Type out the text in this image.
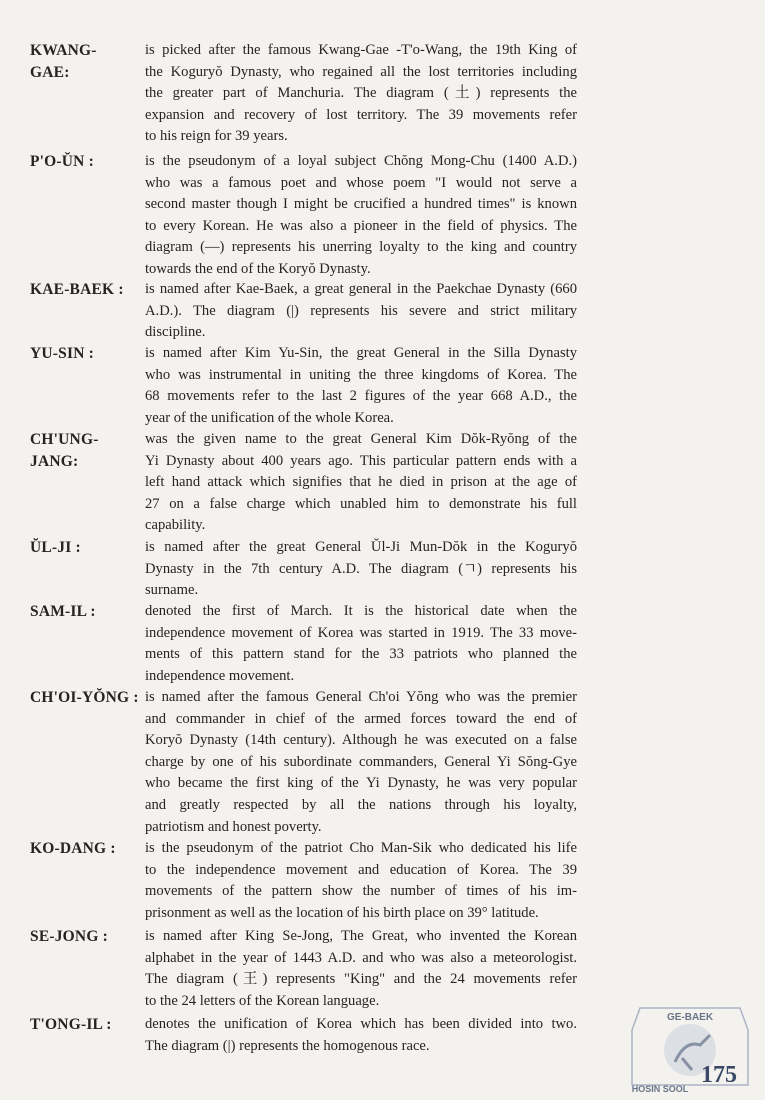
KWANG-
GAE:
is picked after the famous Kwang-Gae -T'o-Wang, the 19th King of
the Koguryŏ Dynasty, who regained all the lost territories including
the greater part of Manchuria. The diagram (土) represents the
expansion and recovery of lost territory. The 39 movements refer
to his reign for 39 years.
P'O-ŬN :	is the pseudonym of a loyal subject Chŏng Mong-Chu (1400 A.D.)
who was a famous poet and whose poem "I would not serve a
second master though I might be crucified a hundred times" is known
to every Korean. He was also a pioneer in the field of physics. The
diagram (—) represents his unerring loyalty to the king and country
towards the end of the Koryŏ Dynasty.
KAE-BAEK : is named after Kae-Baek, a great general in the Paekchae Dynasty (660
A.D.). The diagram (|) represents his severe and strict military
discipline.
YU-SIN :	is named after Kim Yu-Sin, the great General in the Silla Dynasty
who was instrumental in uniting the three kingdoms of Korea. The
68 movements refer to the last 2 figures of the year 668 A.D., the
year of the unification of the whole Korea.
CH'UNG-
JANG:
was the given name to the great General Kim Dŏk-Ryŏng of the
Yi Dynasty about 400 years ago. This particular pattern ends with a
left hand attack which signifies that he died in prison at the age of
27 on a false charge which unabled him to demonstrate his full
capability.
ŬL-JI :	is named after the great General Ŭl-Ji Mun-Dŏk in the Koguryŏ
Dynasty in the 7th century A.D. The diagram (ㄱ) represents his
surname.
SAM-IL :	denoted the first of March. It is the historical date when the
independence movement of Korea was started in 1919. The 33 move-
ments of this pattern stand for the 33 patriots who planned the
independence movement.
CH'OI-YŎNG : is named after the famous General Ch'oi Yŏng who was the premier
and commander in chief of the armed forces toward the end of
Koryŏ Dynasty (14th century). Although he was executed on a false
charge by one of his subordinate commanders, General Yi Sŏng-Gye
who became the first king of the Yi Dynasty, he was very popular
and greatly respected by all the nations through his loyalty,
patriotism and honest poverty.
KO-DANG : is the pseudonym of the patriot Cho Man-Sik who dedicated his life
to the independence movement and education of Korea. The 39
movements of the pattern show the number of times of his im-
prisonment as well as the location of his birth place on 39° latitude.
SE-JONG :	is named after King Se-Jong, The Great, who invented the Korean
alphabet in the year of 1443 A.D. and who was also a meteorologist.
The diagram (王) represents "King" and the 24 movements refer
to the 24 letters of the Korean language.
T'ONG-IL : denotes the unification of Korea which has been divided into two.
The diagram (|) represents the homogenous race.
GE-BAEK
HOSIN SOOL
175
